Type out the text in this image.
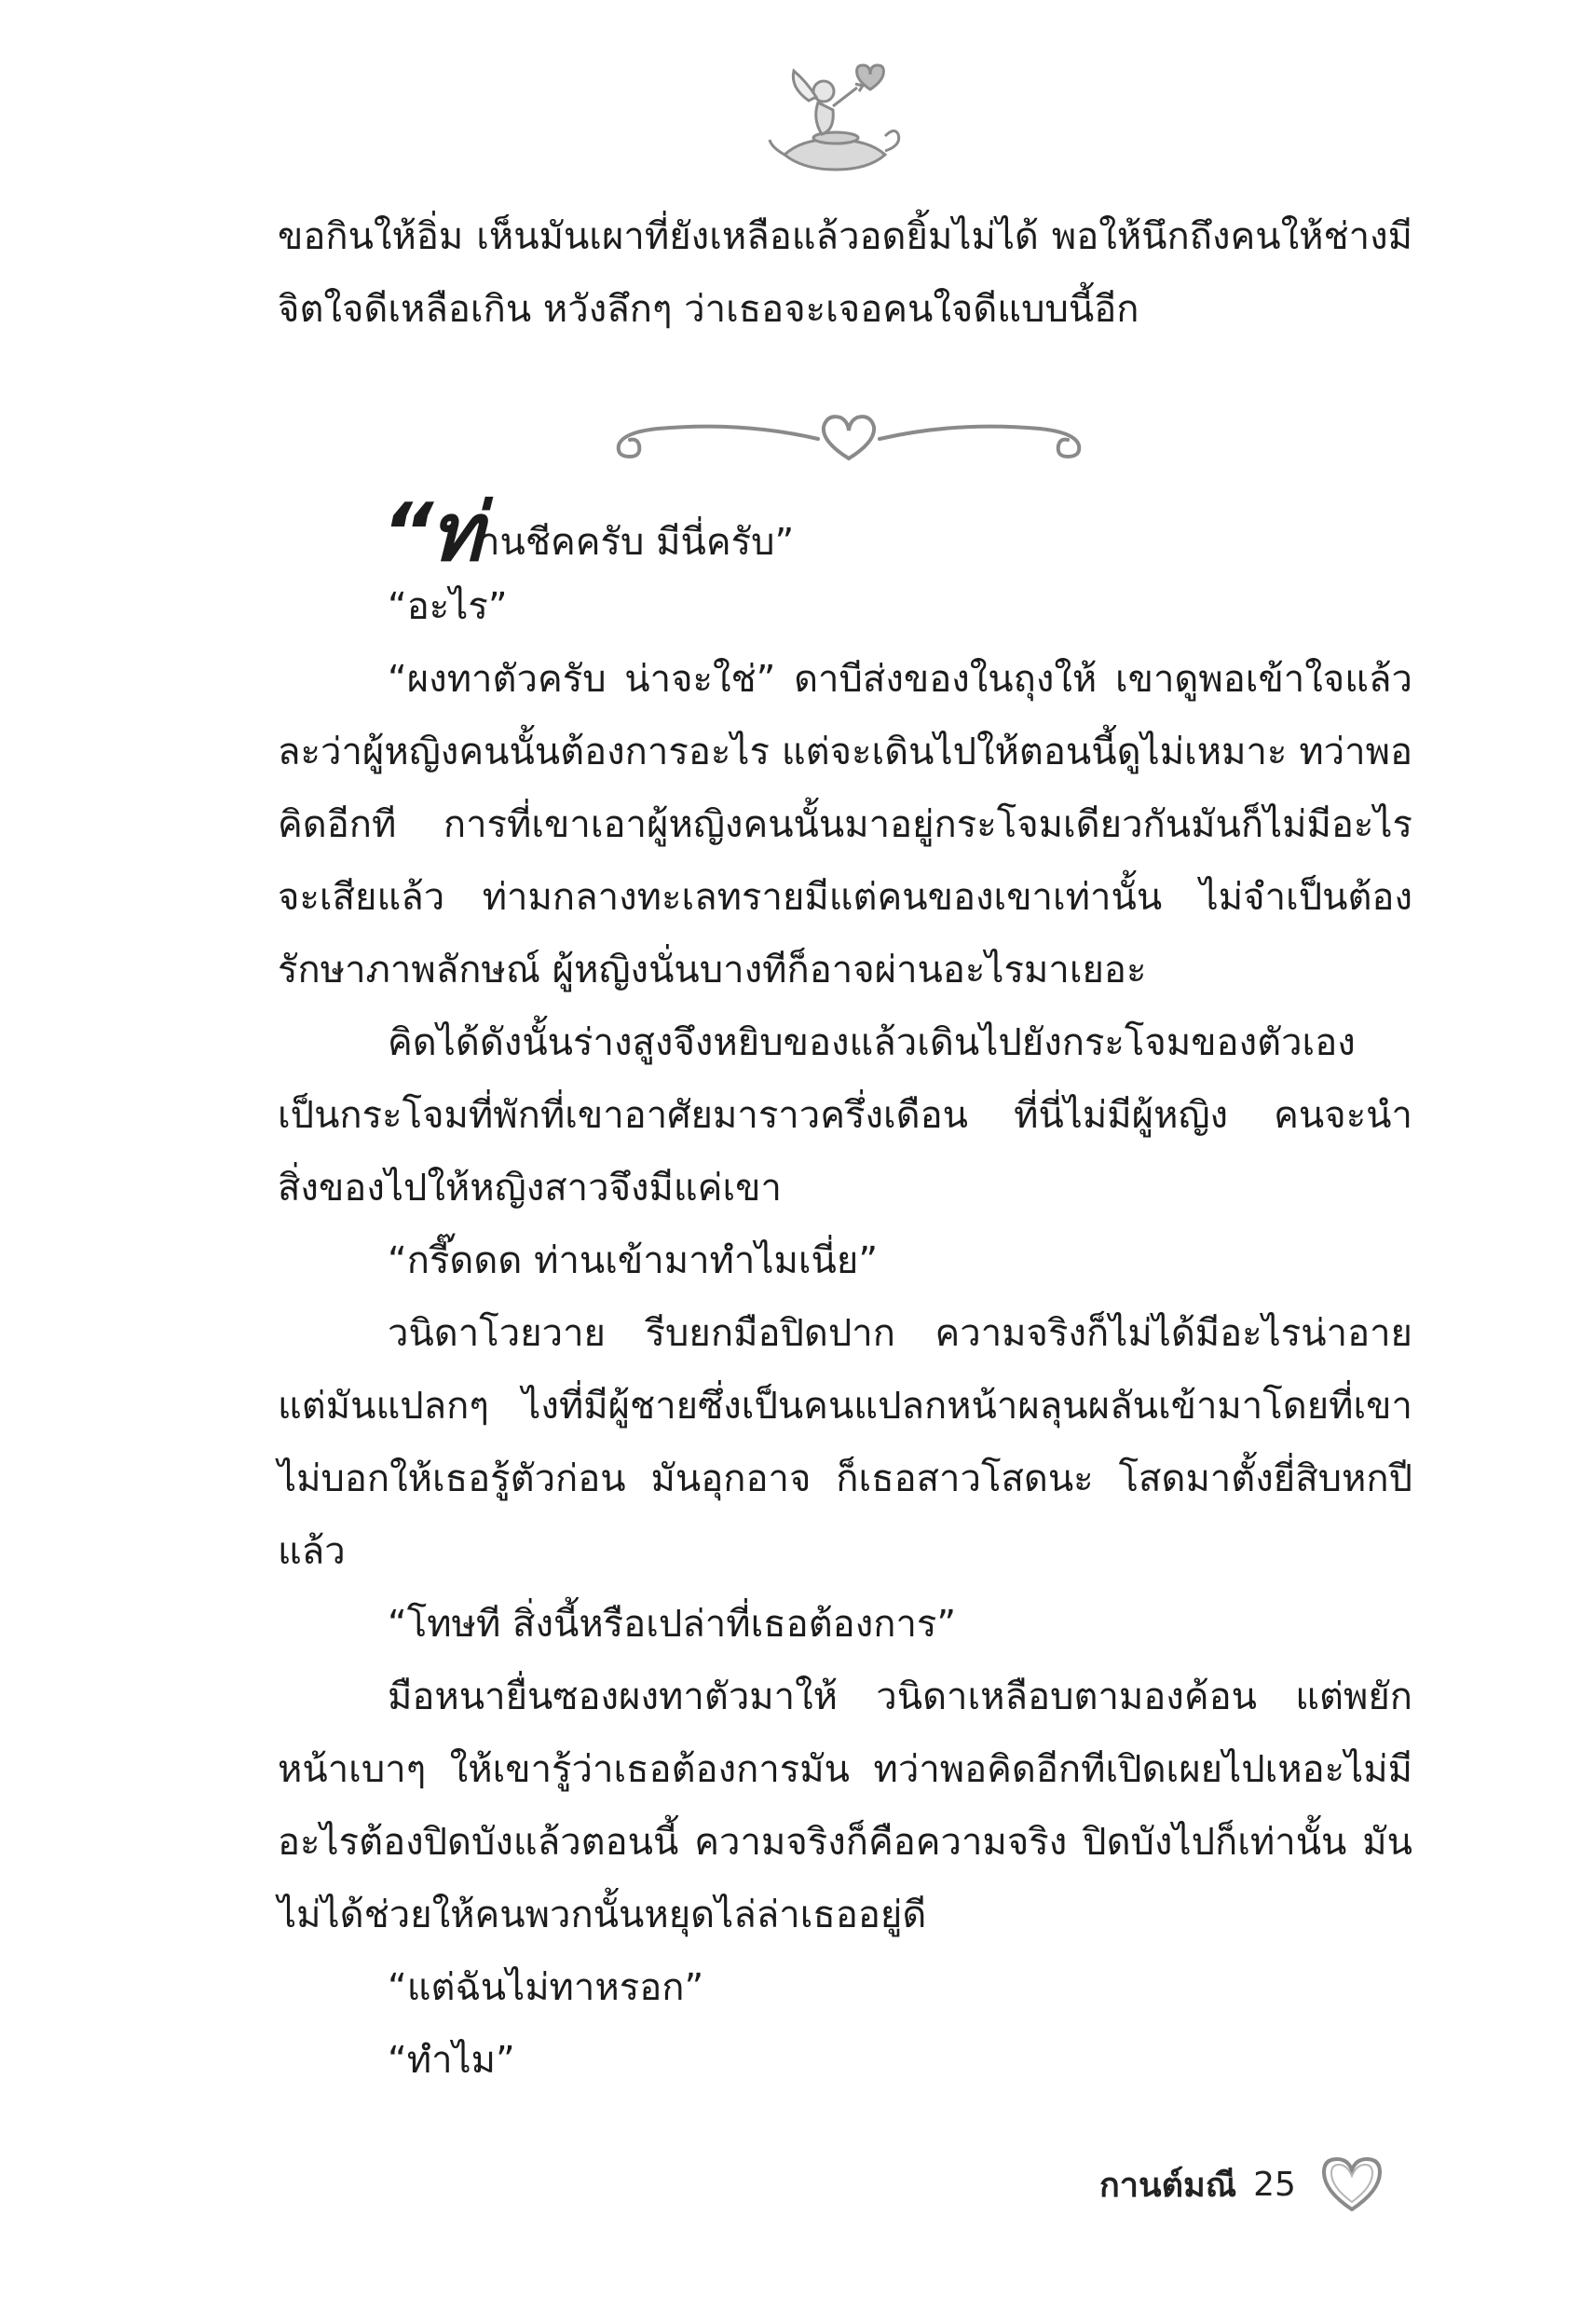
ขอกินให้อิ่ม เห็นมันเผาที่ยังเหลือแล้วอดยิ้มไม่ได้ พอให้นึกถึงคนให้ช่างมีจิตใจดีเหลือเกิน หวังลึกๆ ว่าเธอจะเจอคนใจดีแบบนี้อีก

“ท่านชีคครับ มีนี่ครับ”

“อะไร”

“ผงทาตัวครับ น่าจะใช่” ดาบีส่งของในถุงให้ เขาดูพอเข้าใจแล้วละว่าผู้หญิงคนนั้นต้องการอะไร แต่จะเดินไปให้ตอนนี้ดูไม่เหมาะ ทว่าพอคิดอีกที การที่เขาเอาผู้หญิงคนนั้นมาอยู่กระโจมเดียวกันมันก็ไม่มีอะไรจะเสียแล้ว ท่ามกลางทะเลทรายมีแต่คนของเขาเท่านั้น ไม่จำเป็นต้องรักษาภาพลักษณ์ ผู้หญิงนั่นบางทีก็อาจผ่านอะไรมาเยอะ

คิดได้ดังนั้นร่างสูงจึงหยิบของแล้วเดินไปยังกระโจมของตัวเอง เป็นกระโจมที่พักที่เขาอาศัยมาราวครึ่งเดือน ที่นี่ไม่มีผู้หญิง คนจะนำสิ่งของไปให้หญิงสาวจึงมีแค่เขา

“กรี๊ดดด ท่านเข้ามาทำไมเนี่ย”

วนิดาโวยวาย รีบยกมือปิดปาก ความจริงก็ไม่ได้มีอะไรน่าอาย แต่มันแปลกๆ ไงที่มีผู้ชายซึ่งเป็นคนแปลกหน้าผลุนผลันเข้ามาโดยที่เขาไม่บอกให้เธอรู้ตัวก่อน มันอุกอาจ ก็เธอสาวโสดนะ โสดมาตั้งยี่สิบหกปีแล้ว

“โทษที สิ่งนี้หรือเปล่าที่เธอต้องการ”

มือหนายื่นซองผงทาตัวมาให้ วนิดาเหลือบตามองค้อน แต่พยักหน้าเบาๆ ให้เขารู้ว่าเธอต้องการมัน ทว่าพอคิดอีกทีเปิดเผยไปเหอะไม่มีอะไรต้องปิดบังแล้วตอนนี้ ความจริงก็คือความจริง ปิดบังไปก็เท่านั้น มันไม่ได้ช่วยให้คนพวกนั้นหยุดไล่ล่าเธออยู่ดี

“แต่ฉันไม่ทาหรอก”

“ทำไม”

กานต์มณี 25
